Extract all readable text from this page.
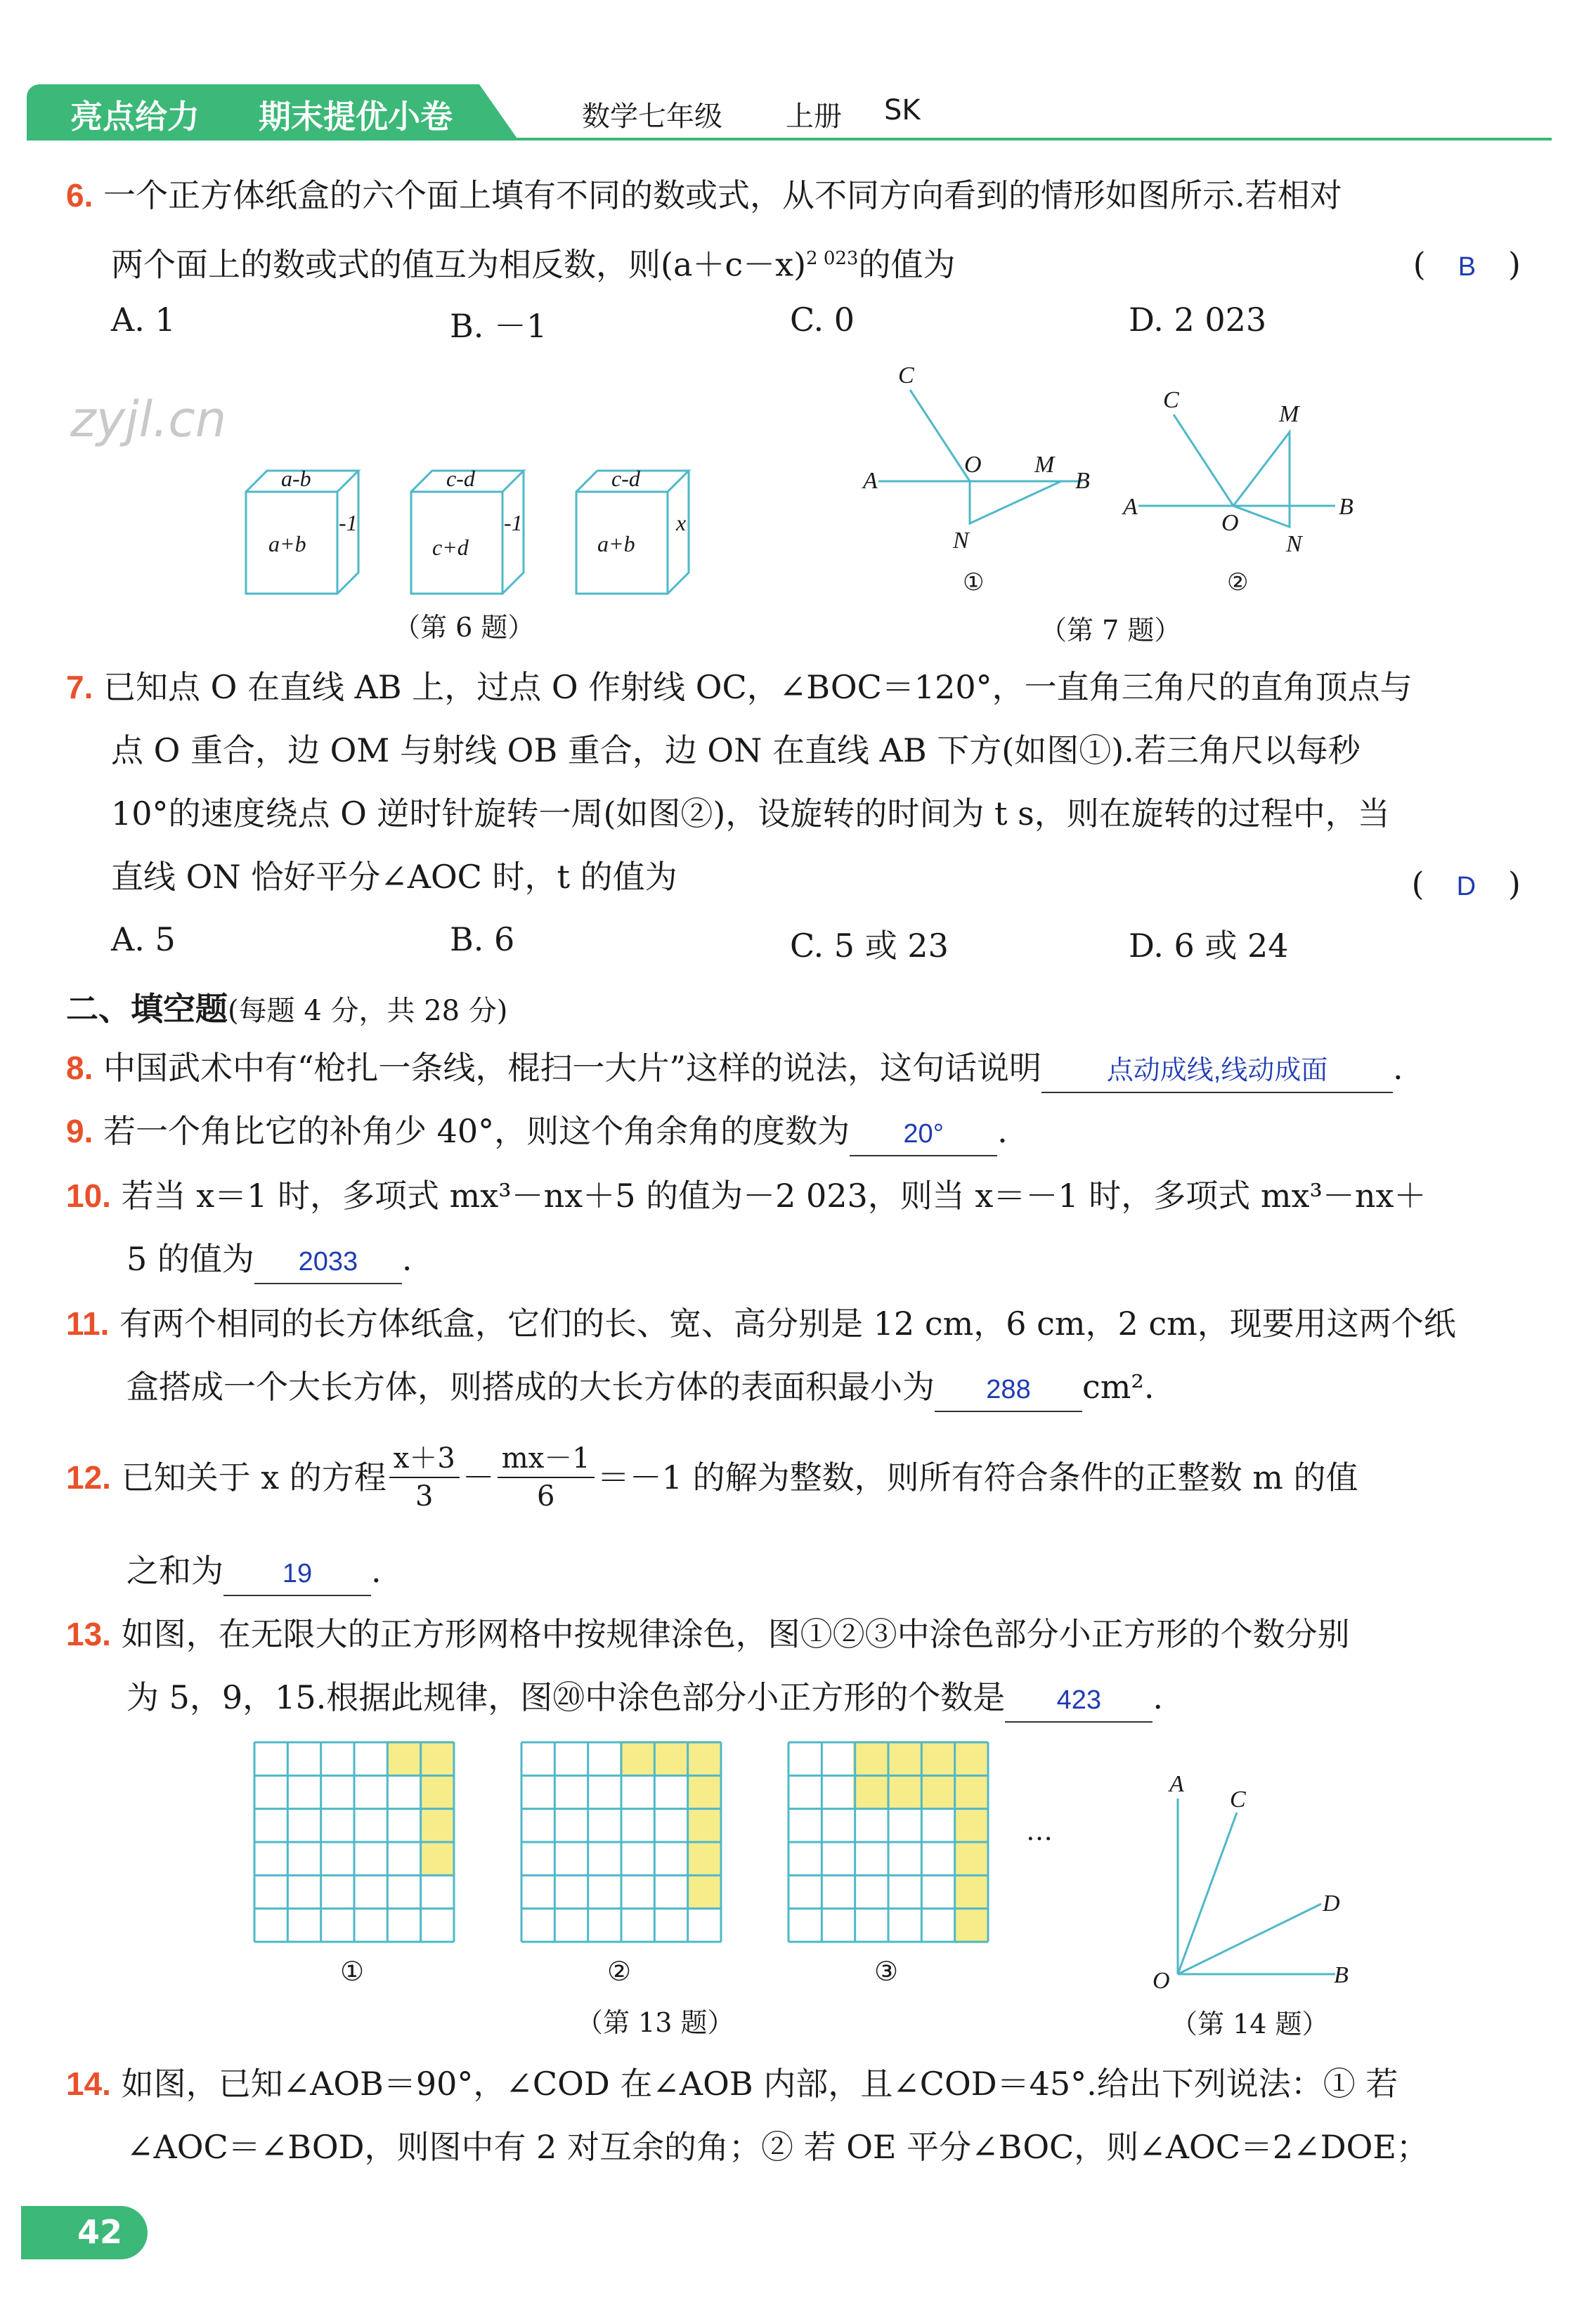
亮点给力 期末提优小卷	数学七年级 上册 SK
6. 一个正方体纸盒的六个面上填有不同的数或式，从不同方向看到的情形如图所示.若相对
两个面上的数或式的值互为相反数，则$(a+c-x)^{2 023}$的值为	(　B　)
A. 1	B. －1	C. 0	D. 2 023
zyjl.cn
a-b
a+b
-1
c-d
c+d
-1
c-d
a+b
x
（第 6 题）
C
A
O M
B
N
C
M
A
O
N
B
①	②
（第 7 题）
7. 已知点 O 在直线 AB 上，过点 O 作射线 OC，∠BOC＝120°，一直角三角尺的直角顶点与
点 O 重合，边 OM 与射线 OB 重合，边 ON 在直线 AB 下方(如图①).若三角尺以每秒
10°的速度绕点 O 逆时针旋转一周(如图②)，设旋转的时间为 t s，则在旋转的过程中，当
直线 ON 恰好平分∠AOC 时，t 的值为	(　D　)
A. 5	B. 6	C. 5 或 23	D. 6 或 24
二、填空题(每题 4 分，共 28 分)
8. 中国武术中有“枪扎一条线，棍扫一大片”这样的说法，这句话说明 点动成线,线动成面 .
9. 若一个角比它的补角少 40°，则这个角余角的度数为 20° .
10. 若当 x＝1 时，多项式 mx³－nx＋5 的值为－2 023，则当 x＝－1 时，多项式 mx³－nx＋
5 的值为 2033 .
11. 有两个相同的长方体纸盒，它们的长、宽、高分别是 12 cm，6 cm，2 cm，现要用这两个纸
盒搭成一个大长方体，则搭成的大长方体的表面积最小为 288 cm².
12.
已知关于 x 的方程 x＋3
3 － mx－1
6 ＝－1 的解为整数，则所有符合条件的正整数 m 的值
之和为 19 .
13. 如图，在无限大的正方形网格中按规律涂色，图①②③中涂色部分小正方形的个数分别
为 5，9，15.根据此规律，图⑳中涂色部分小正方形的个数是 423 .
①	②	③
…
（第 13 题）
A
C
D
O	B
（第 14 题）
14. 如图，已知∠AOB＝90°，∠COD 在∠AOB 内部，且∠COD＝45°.给出下列说法：① 若
∠AOC＝∠BOD，则图中有 2 对互余的角；② 若 OE 平分∠BOC，则∠AOC＝2∠DOE；
42
